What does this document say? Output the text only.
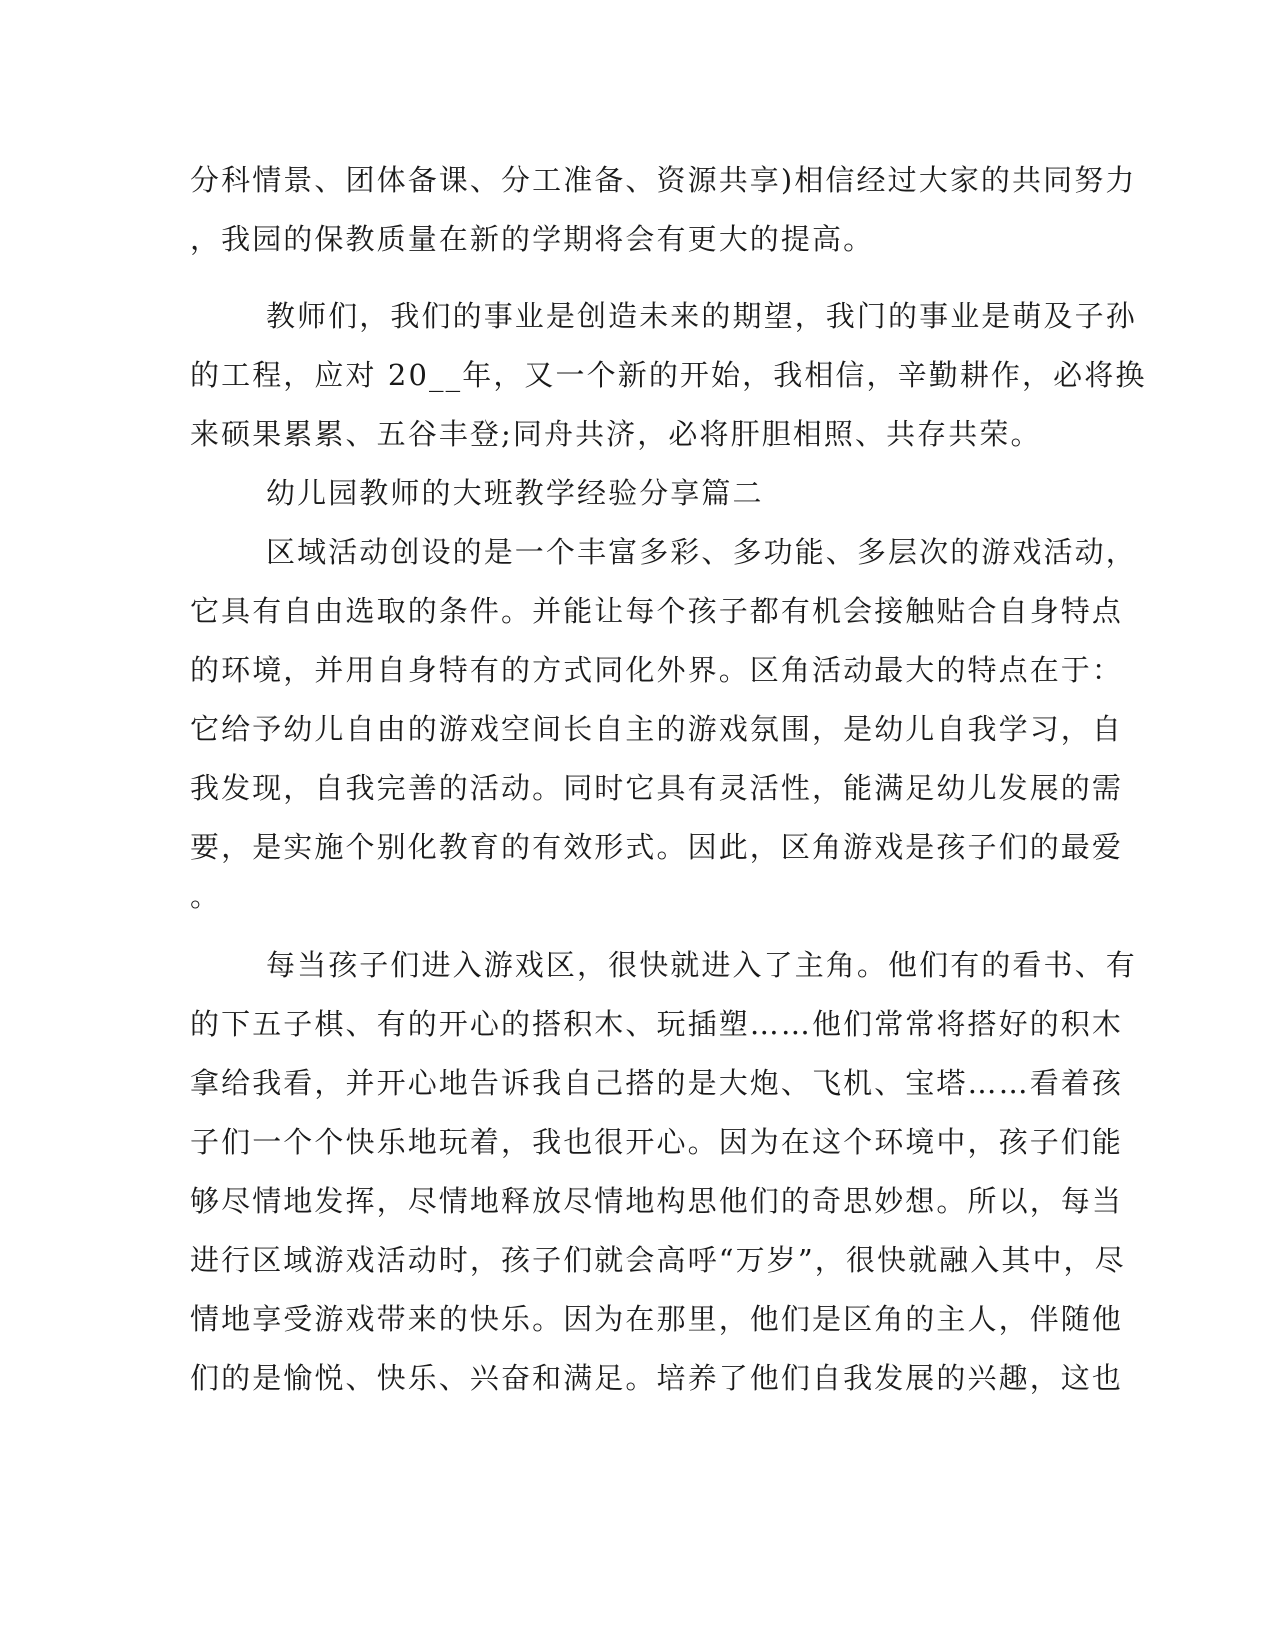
分科情景、团体备课、分工准备、资源共享)相信经过大家的共同努力

，我园的保教质量在新的学期将会有更大的提高。

教师们，我们的事业是创造未来的期望，我门的事业是萌及子孙

的工程，应对 20__年，又一个新的开始，我相信，辛勤耕作，必将换

来硕果累累、五谷丰登;同舟共济，必将肝胆相照、共存共荣。

幼儿园教师的大班教学经验分享篇二

区域活动创设的是一个丰富多彩、多功能、多层次的游戏活动，

它具有自由选取的条件。并能让每个孩子都有机会接触贴合自身特点

的环境，并用自身特有的方式同化外界。区角活动最大的特点在于：

它给予幼儿自由的游戏空间长自主的游戏氛围，是幼儿自我学习，自

我发现，自我完善的活动。同时它具有灵活性，能满足幼儿发展的需

要，是实施个别化教育的有效形式。因此，区角游戏是孩子们的最爱

。

每当孩子们进入游戏区，很快就进入了主角。他们有的看书、有

的下五子棋、有的开心的搭积木、玩插塑……他们常常将搭好的积木

拿给我看，并开心地告诉我自己搭的是大炮、飞机、宝塔……看着孩

子们一个个快乐地玩着，我也很开心。因为在这个环境中，孩子们能

够尽情地发挥，尽情地释放尽情地构思他们的奇思妙想。所以，每当

进行区域游戏活动时，孩子们就会高呼“万岁”，很快就融入其中，尽

情地享受游戏带来的快乐。因为在那里，他们是区角的主人，伴随他

们的是愉悦、快乐、兴奋和满足。培养了他们自我发展的兴趣，这也
